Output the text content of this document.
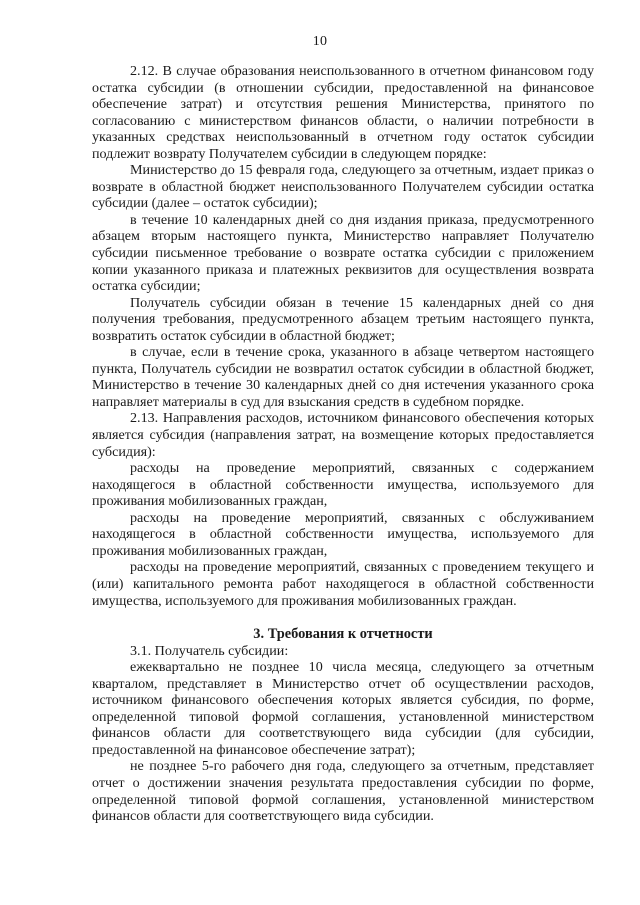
10

2.12. В случае образования неиспользованного в отчетном финансовом году остатка субсидии (в отношении субсидии, предоставленной на финансовое обеспечение затрат) и отсутствия решения Министерства, принятого по согласованию с министерством финансов области, о наличии потребности в указанных средствах неиспользованный в отчетном году остаток субсидии подлежит возврату Получателем субсидии в следующем порядке:

Министерство до 15 февраля года, следующего за отчетным, издает приказ о возврате в областной бюджет неиспользованного Получателем субсидии остатка субсидии (далее – остаток субсидии);

в течение 10 календарных дней со дня издания приказа, предусмотренного абзацем вторым настоящего пункта, Министерство направляет Получателю субсидии письменное требование о возврате остатка субсидии с приложением копии указанного приказа и платежных реквизитов для осуществления возврата остатка субсидии;

Получатель субсидии обязан в течение 15 календарных дней со дня получения требования, предусмотренного абзацем третьим настоящего пункта, возвратить остаток субсидии в областной бюджет;

в случае, если в течение срока, указанного в абзаце четвертом настоящего пункта, Получатель субсидии не возвратил остаток субсидии в областной бюджет, Министерство в течение 30 календарных дней со дня истечения указанного срока направляет материалы в суд для взыскания средств в судебном порядке.

2.13. Направления расходов, источником финансового обеспечения которых является субсидия (направления затрат, на возмещение которых предоставляется субсидия):

расходы на проведение мероприятий, связанных с содержанием находящегося в областной собственности имущества, используемого для проживания мобилизованных граждан,

расходы на проведение мероприятий, связанных с обслуживанием находящегося в областной собственности имущества, используемого для проживания мобилизованных граждан,

расходы на проведение мероприятий, связанных с проведением текущего и (или) капитального ремонта работ находящегося в областной собственности имущества, используемого для проживания мобилизованных граждан.

3. Требования к отчетности

3.1. Получатель субсидии:

ежеквартально не позднее 10 числа месяца, следующего за отчетным кварталом, представляет в Министерство отчет об осуществлении расходов, источником финансового обеспечения которых является субсидия, по форме, определенной типовой формой соглашения, установленной министерством финансов области для соответствующего вида субсидии (для субсидии, предоставленной на финансовое обеспечение затрат);

не позднее 5-го рабочего дня года, следующего за отчетным, представляет отчет о достижении значения результата предоставления субсидии по форме, определенной типовой формой соглашения, установленной министерством финансов области для соответствующего вида субсидии.
